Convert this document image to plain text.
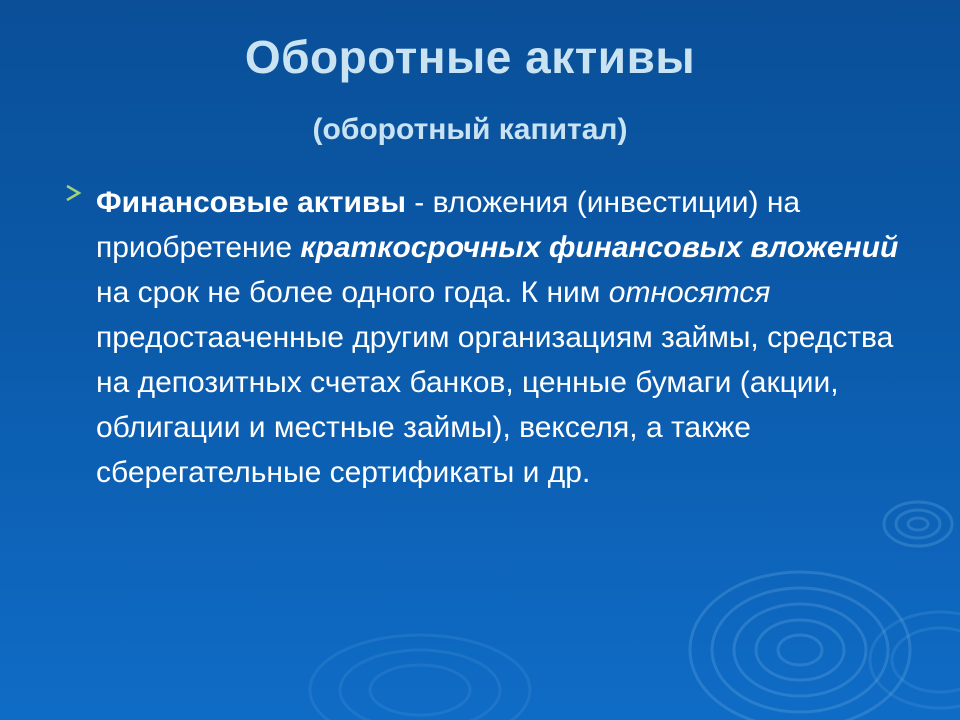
Оборотные активы
(оборотный капитал)
Финансовые активы - вложения (инвестиции) на приобретение краткосрочных финансовых вложений на срок не более одного года. К ним относятся предостааченные другим организациям займы, средства на депозитных счетах банков, ценные бумаги (акции, облигации и местные займы), векселя, а также сберегательные сертификаты и др.
